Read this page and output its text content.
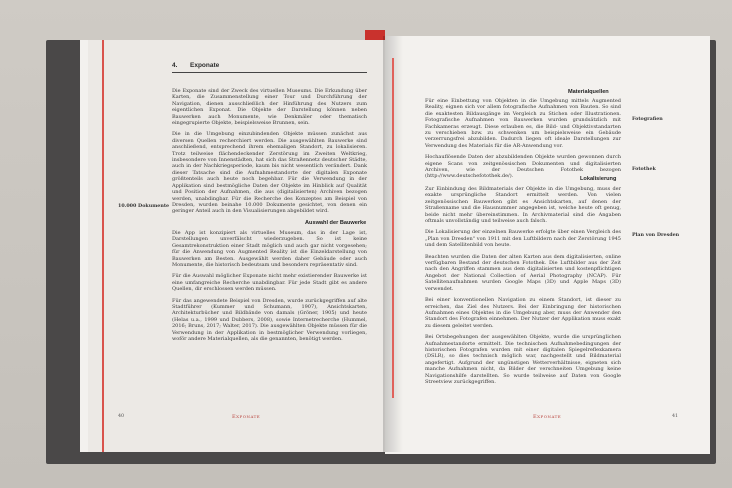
4. Exponate

Die Exponate sind der Zweck des virtuellen Museums. Die Erkundung über Karten, die Zusammenstellung einer Tour und Durchführung der Navigation, dienen ausschließlich der Hinführung des Nutzers zum eigentlichen Exponat. Die Objekte der Darstellung können neben Bauwerken auch Monumente, wie Denkmäler oder thematisch eingegrupierte Objekte, beispielsweise Brunnen, sein.

Die in die Umgebung einzubindenden Objekte müssen zunächst aus diversen Quellen recherchiert werden. Die ausgewählten Bauwerke sind anschließend, entsprechend ihrem ehemaligen Standort, zu lokalisieren. Trotz teilweise flächendeckender Zerstörung im Zweiten Weltkrieg, insbesondere von Innenstädten, hat sich das Straßennetz deutscher Städte, auch in der Nachkriegsperiode, kaum bis nicht wesentlich verändert. Dank dieser Tatsache sind die Aufnahmestandorte der digitalen Exponate größtenteils auch heute noch begehbar. Für die Verwendung in der Applikation sind bestmögliche Daten der Objekte im Hinblick auf Qualität und Position der Aufnahmen, die aus (digitalisierten) Archiven bezogen werden, unabdingbar. Für die Recherche des Konzeptes am Beispiel von Dresden, wurden beinahe 10.000 Dokumente gesichtet, von denen ein geringer Anteil auch in den Visualisierungen abgebildet wird.

10.000 Dokumente
Auswahl der Bauwerke

Die App ist konzipiert als virtuelles Museum, das in der Lage ist, Darstellungen unverfälscht wiederzugeben. So ist keine Gesamtrekonstruktion einer Stadt möglich und auch gar nicht vorgesehen; für die Anwendung von Augmented Reality ist die Einzeldarstellung von Bauwerken am Besten. Ausgewählt werden daher Gebäude oder auch Monumente, die historisch bedeutsam und besonders repräsentativ sind.

Für die Auswahl möglicher Exponate nicht mehr existierender Bauwerke ist eine umfangreiche Recherche unabdingbar. Für jede Stadt gibt es andere Quellen, dir erschlossen werden müssen.

Für das angewendete Beispiel von Dresden, wurde zurückgegriffen auf alte Stadtführer (Kummer und Schumann, 1907), Ansichtskarten, Architekturbücher und Bildbände von damals (Gröner, 1905) und heute (Helas u.a., 1999 und Dubbers, 2008), sowie Internetrecherche (Hummel, 2016; Bruns, 2017; Walter, 2017). Die ausgewählten Objekte müssen für die Verwendung in der Applikation in bestmöglicher Verwendung vorliegen, woför andere Materialquellen, als die genannten, benötigt werden.

40	Exponate
Materialquellen

Für eine Einbettung von Objekten in die Umgebung mittels Augmented Reality, eignen sich vor allem fotografische Aufnahmen von Bauten. So sind die exaktesten Bildausgänge im Vergleich zu Stichen oder Illustrationen. Fotografische Aufnahmen von Bauwerken wurden grundsätzlich mit Fachkameras erzeugt. Diese erlauben es, die Bild- und Objektivstandarten zu verschieben bzw. zu schwenken um beispielsweise ein Gebäude verzerrungsfrei abzubilden. Dadurch liegen oft ideale Darstellungen zur Verwendung des Materials für die AR-Anwendung vor.

Hochauflösende Daten der abzubildenden Objekte wurden gewonnen durch eigene Scans von zeitgenössischen Dokumenten und digitalisierten Archiven, wie der Deutschen Fotothek bezogen (http://www.deutschefotothek.de/).	Lokalisierung

Zur Einbindung des Bildmaterials der Objekte in die Umgebung, muss der exakte ursprüngliche Standort ermittelt werden. Von vielen zeitgenössischen Bauwerken gibt es Ansichtskarten, auf denen der Straßenname und die Hausnummer angegeben ist, welche heute oft genug, beide nicht mehr übereinstimmen. In Archivmaterial sind die Angaben oftmals unvollständig und teilweise auch falsch.

Die Lokalisierung der einzelnen Bauwerke erfolgte über einen Vergleich des „Plan von Dresden" von 1911 mit den Luftbildern nach der Zerstörung 1945 und dem Satellitenbild von heute.

Beachten wurden die Daten der alten Karten aus dem digitalisierten, online verfügbaren Bestand der deutschen Fotothek. Die Luftbilder aus der Zeit nach den Angriffen stammen aus dem digitalisierten und kostenpflichtigen Angebot der National Collection of Aerial Photography (NCAP). Für Satellitenaufnahmen wurden Google Maps (3D) und Apple Maps (3D) verwendet.

Bei einer konventionellen Navigation zu einem Standort, ist dieser zu erreichen, das Ziel des Nutzers. Bei der Einbringung der historischen Aufnahmen eines Objektes in die Umgebung aber, muss der Anwender den Standort des Fotografen einnehmen. Der Nutzer der Applikation muss exakt zu diesem geleitet werden.

Bei Ortsbegehungen der ausgewählten Objekte, wurde die ursprünglichen Aufnahmestandorte ermittelt. Die technischen Aufnahmebedingungen der historischen Fotografen wurden mit einer digitalen Spiegelreflexkamera (DSLR), so dies technisch möglich war, nachgestellt und Bildmaterial angefertigt. Aufgrund der ungünstigen Wetterverhältnisse, eigneten sich manche Aufnahmen nicht, da Bilder der verschneiten Umgebung keine Navigationshilfe darstellten. So wurde teilweise auf Daten von Google Streetview zurückgegriffen.

Fotografien
Fotothek
Plan von Dresden
Exponate	41
